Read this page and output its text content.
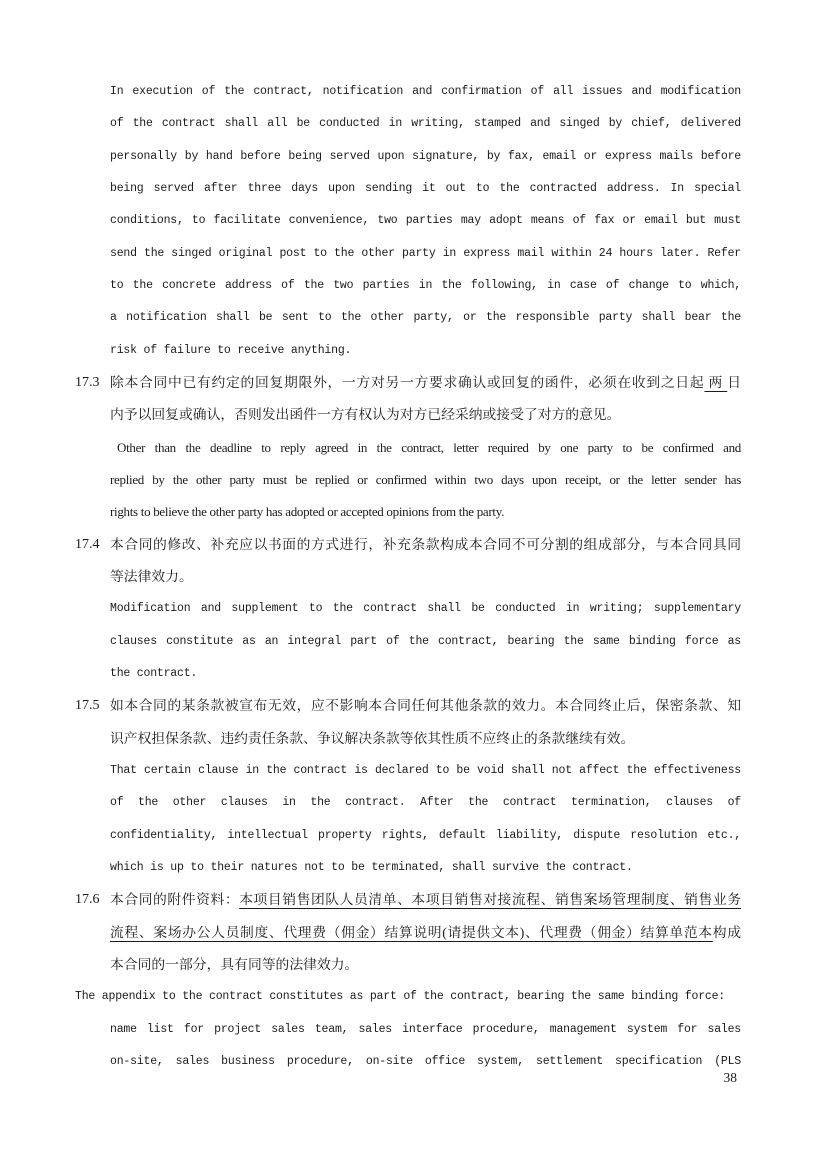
In execution of the contract, notification and confirmation of all issues and modification
of the contract shall all be conducted in writing, stamped and singed by chief, delivered
personally by hand before being served upon signature, by fax, email or express mails before
being served after three days upon sending it out to the contracted address. In special
conditions, to facilitate convenience, two parties may adopt means of fax or email but must
send the singed original post to the other party in express mail within 24 hours later. Refer
to the concrete address of the two parties in the following, in case of change to which,
a notification shall be sent to the other party, or the responsible party shall bear the
risk of failure to receive anything.
17.3 除本合同中已有约定的回复期限外，一方对另一方要求确认或回复的函件，必须在收到之日起 两 日
内予以回复或确认，否则发出函件一方有权认为对方已经采纳或接受了对方的意见。
Other than the deadline to reply agreed in the contract, letter required by one party to be confirmed and
replied by the other party must be replied or confirmed within two days upon receipt, or the letter sender has
rights to believe the other party has adopted or accepted opinions from the party.
17.4 本合同的修改、补充应以书面的方式进行，补充条款构成本合同不可分割的组成部分，与本合同具同
等法律效力。
Modification and supplement to the contract shall be conducted in writing; supplementary
clauses constitute as an integral part of the contract, bearing the same binding force as
the contract.
17.5 如本合同的某条款被宣布无效，应不影响本合同任何其他条款的效力。本合同终止后，保密条款、知
识产权担保条款、违约责任条款、争议解决条款等依其性质不应终止的条款继续有效。
That certain clause in the contract is declared to be void shall not affect the effectiveness
of the other clauses in the contract. After the contract termination, clauses of
confidentiality, intellectual property rights, default liability, dispute resolution etc.,
which is up to their natures not to be terminated, shall survive the contract.
17.6 本合同的附件资料：本项目销售团队人员清单、本项目销售对接流程、销售案场管理制度、销售业务
流程、案场办公人员制度、代理费（佣金）结算说明(请提供文本)、代理费（佣金）结算单范本构成
本合同的一部分，具有同等的法律效力。
The appendix to the contract constitutes as part of the contract, bearing the same binding force:
name list for project sales team, sales interface procedure, management system for sales
on-site, sales business procedure, on-site office system, settlement specification (PLS
38
